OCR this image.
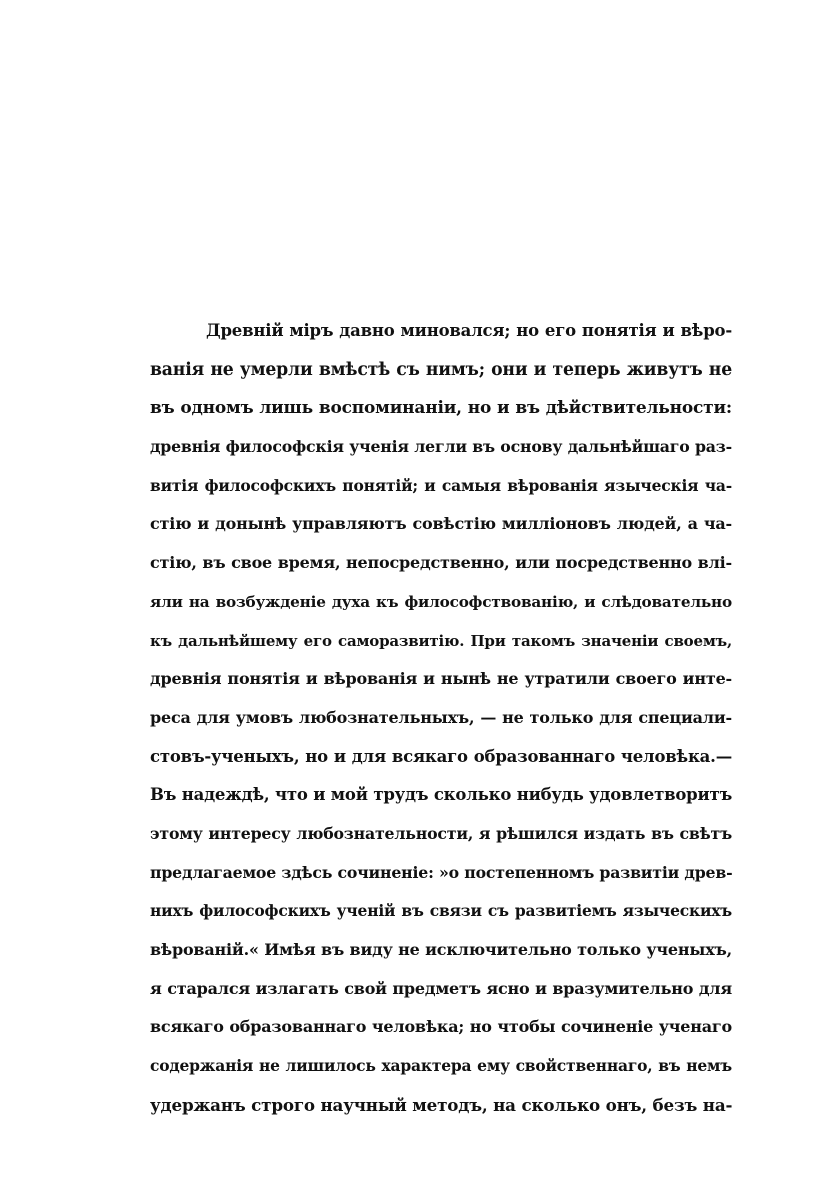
Древній міръ давно миновался; но его понятія и вѣро-
ванія не умерли вмѣстѣ съ нимъ; они и теперь живутъ не
въ одномъ лишь воспоминаніи, но и въ дѣйствительности:
древнія философскія ученія легли въ основу дальнѣйшаго раз-
витія философскихъ понятій; и самыя вѣрованія языческія ча-
стію и донынѣ управляютъ совѣстію милліоновъ людей, а ча-
стію, въ свое время, непосредственно, или посредственно влі-
яли на возбужденіе духа къ философствованію, и слѣдовательно
къ дальнѣйшему его саморазвитію. При такомъ значеніи своемъ,
древнія понятія и вѣрованія и нынѣ не утратили своего инте-
реса для умовъ любознательныхъ, — не только для специали-
стовъ-ученыхъ, но и для всякаго образованнаго человѣка.—
Въ надеждѣ, что и мой трудъ сколько нибудь удовлетворитъ
этому интересу любознательности, я рѣшился издать въ свѣтъ
предлагаемое здѣсь сочиненіе: »о постепенномъ развитіи древ-
нихъ философскихъ ученій въ связи съ развитіемъ языческихъ
вѣрованій.« Имѣя въ виду не исключительно только ученыхъ,
я старался излагать свой предметъ ясно и вразумительно для
всякаго образованнаго человѣка; но чтобы сочиненіе ученаго
содержанія не лишилось характера ему свойственнаго, въ немъ
удержанъ строго научный методъ, на сколько онъ, безъ на-
